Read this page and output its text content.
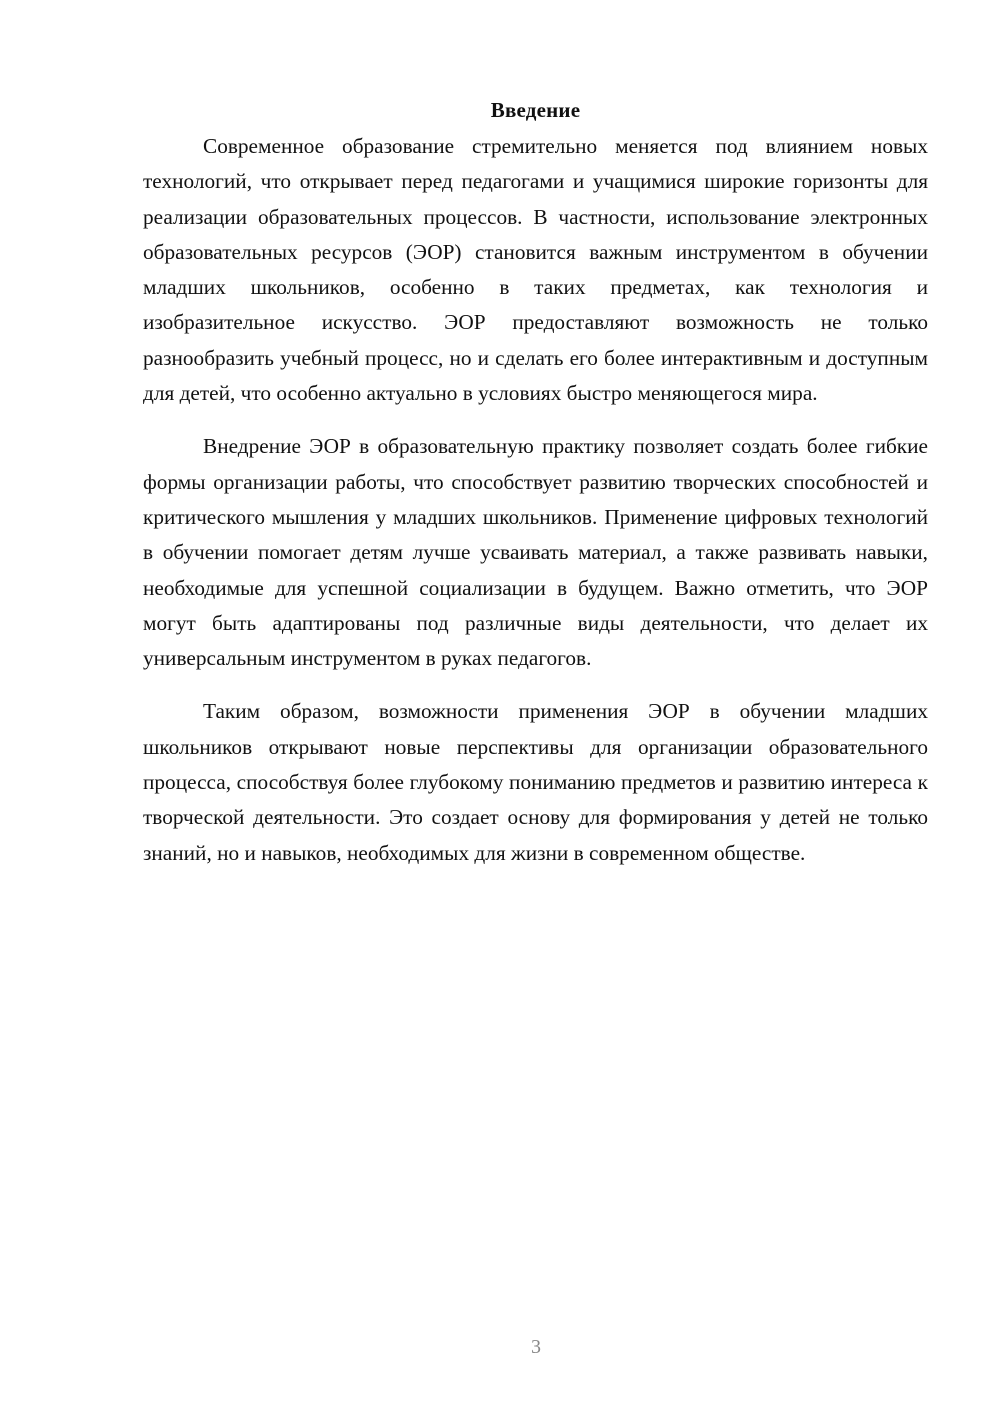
Введение

Современное образование стремительно меняется под влиянием новых технологий, что открывает перед педагогами и учащимися широкие горизонты для реализации образовательных процессов. В частности, использование электронных образовательных ресурсов (ЭОР) становится важным инструментом в обучении младших школьников, особенно в таких предметах, как технология и изобразительное искусство. ЭОР предоставляют возможность не только разнообразить учебный процесс, но и сделать его более интерактивным и доступным для детей, что особенно актуально в условиях быстро меняющегося мира.

Внедрение ЭОР в образовательную практику позволяет создать более гибкие формы организации работы, что способствует развитию творческих способностей и критического мышления у младших школьников. Применение цифровых технологий в обучении помогает детям лучше усваивать материал, а также развивать навыки, необходимые для успешной социализации в будущем. Важно отметить, что ЭОР могут быть адаптированы под различные виды деятельности, что делает их универсальным инструментом в руках педагогов.

Таким образом, возможности применения ЭОР в обучении младших школьников открывают новые перспективы для организации образовательного процесса, способствуя более глубокому пониманию предметов и развитию интереса к творческой деятельности. Это создает основу для формирования у детей не только знаний, но и навыков, необходимых для жизни в современном обществе.

3
